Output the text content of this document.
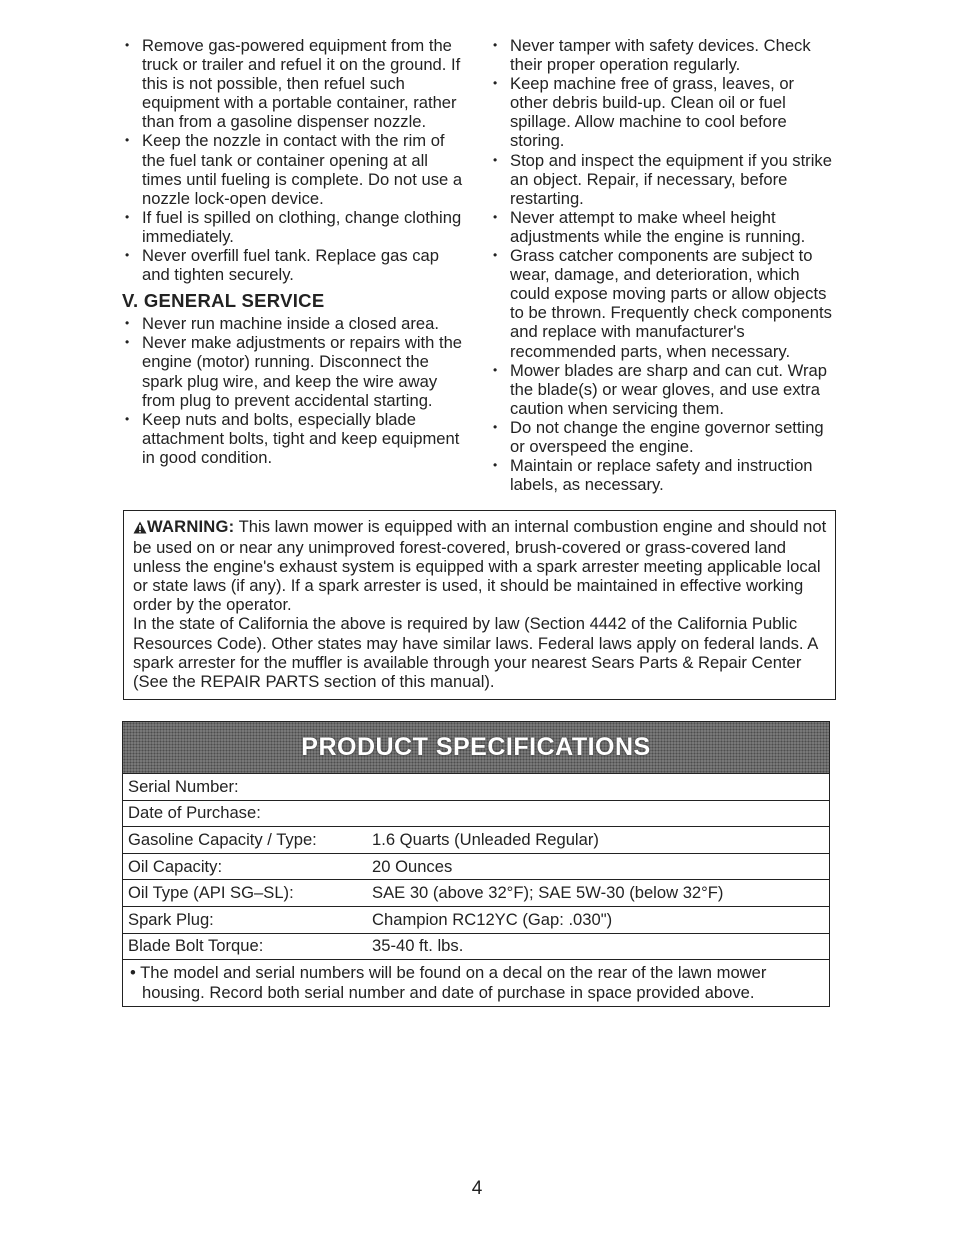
• Remove gas-powered equipment from the truck or trailer and refuel it on the ground. If this is not possible, then refuel such equipment with a portable container, rather than from a gasoline dispenser nozzle.
• Keep the nozzle in contact with the rim of the fuel tank or container opening at all times until fueling is complete. Do not use a nozzle lock-open device.
• If fuel is spilled on clothing, change clothing immediately.
• Never overfill fuel tank. Replace gas cap and tighten securely.
V. GENERAL SERVICE
• Never run machine inside a closed area.
• Never make adjustments or repairs with the engine (motor) running. Disconnect the spark plug wire, and keep the wire away from plug to prevent accidental starting.
• Keep nuts and bolts, especially blade attachment bolts, tight and keep equipment in good condition.
• Never tamper with safety devices. Check their proper operation regularly.
• Keep machine free of grass, leaves, or other debris build-up. Clean oil or fuel spillage. Allow machine to cool before storing.
• Stop and inspect the equipment if you strike an object. Repair, if necessary, before restarting.
• Never attempt to make wheel height adjustments while the engine is running.
• Grass catcher components are subject to wear, damage, and deterioration, which could expose moving parts or allow objects to be thrown. Frequently check components and replace with manufacturer's recommended parts, when necessary.
• Mower blades are sharp and can cut. Wrap the blade(s) or wear gloves, and use extra caution when servicing them.
• Do not change the engine governor setting or overspeed the engine.
• Maintain or replace safety and instruction labels, as necessary.

WARNING: This lawn mower is equipped with an internal combustion engine and should not be used on or near any unimproved forest-covered, brush-covered or grass-covered land unless the engine's exhaust system is equipped with a spark arrester meeting applicable local or state laws (if any). If a spark arrester is used, it should be maintained in effective working order by the operator.

In the state of California the above is required by law (Section 4442 of the California Public Resources Code). Other states may have similar laws. Federal laws apply on federal lands. A spark arrester for the muffler is available through your nearest Sears Parts & Repair Center (See the REPAIR PARTS section of this manual).

PRODUCT SPECIFICATIONS
Serial Number:
Date of Purchase:
Gasoline Capacity / Type:	1.6 Quarts (Unleaded Regular)
Oil Capacity:	20 Ounces
Oil Type (API SG–SL):	SAE 30 (above 32°F); SAE 5W-30 (below 32°F)
Spark Plug:	Champion RC12YC (Gap: .030")
Blade Bolt Torque:	35-40 ft. lbs.

• The model and serial numbers will be found on a decal on the rear of the lawn mower housing. Record both serial number and date of purchase in space provided above.

4
